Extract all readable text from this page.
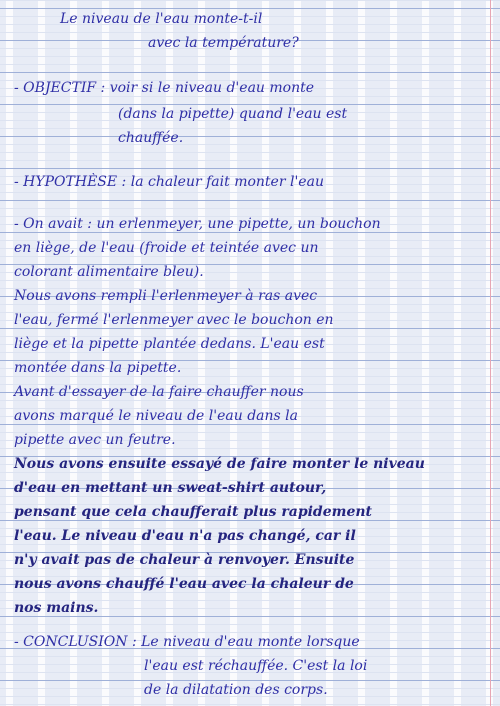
Le niveau de l'eau monte-t-il

avec la température?

- OBJECTIF : voir si le niveau d'eau monte

(dans la pipette) quand l'eau est

chauffée.

- HYPOTHÈSE : la chaleur fait monter l'eau

- On avait : un erlenmeyer, une pipette, un bouchon

en liège, de l'eau (froide et teintée avec un

colorant alimentaire bleu).

Nous avons rempli l'erlenmeyer à ras avec

l'eau, fermé l'erlenmeyer avec le bouchon en

liège et la pipette plantée dedans. L'eau est

montée dans la pipette.

Avant d'essayer de la faire chauffer nous

avons marqué le niveau de l'eau dans la

pipette avec un feutre.

Nous avons ensuite essayé de faire monter le niveau

d'eau en mettant un sweat-shirt autour,

pensant que cela chaufferait plus rapidement

l'eau. Le niveau d'eau n'a pas changé, car il

n'y avait pas de chaleur à renvoyer. Ensuite

nous avons chauffé l'eau avec la chaleur de

nos mains.

- CONCLUSION : Le niveau d'eau monte lorsque

l'eau est réchauffée. C'est la loi

de la dilatation des corps.
